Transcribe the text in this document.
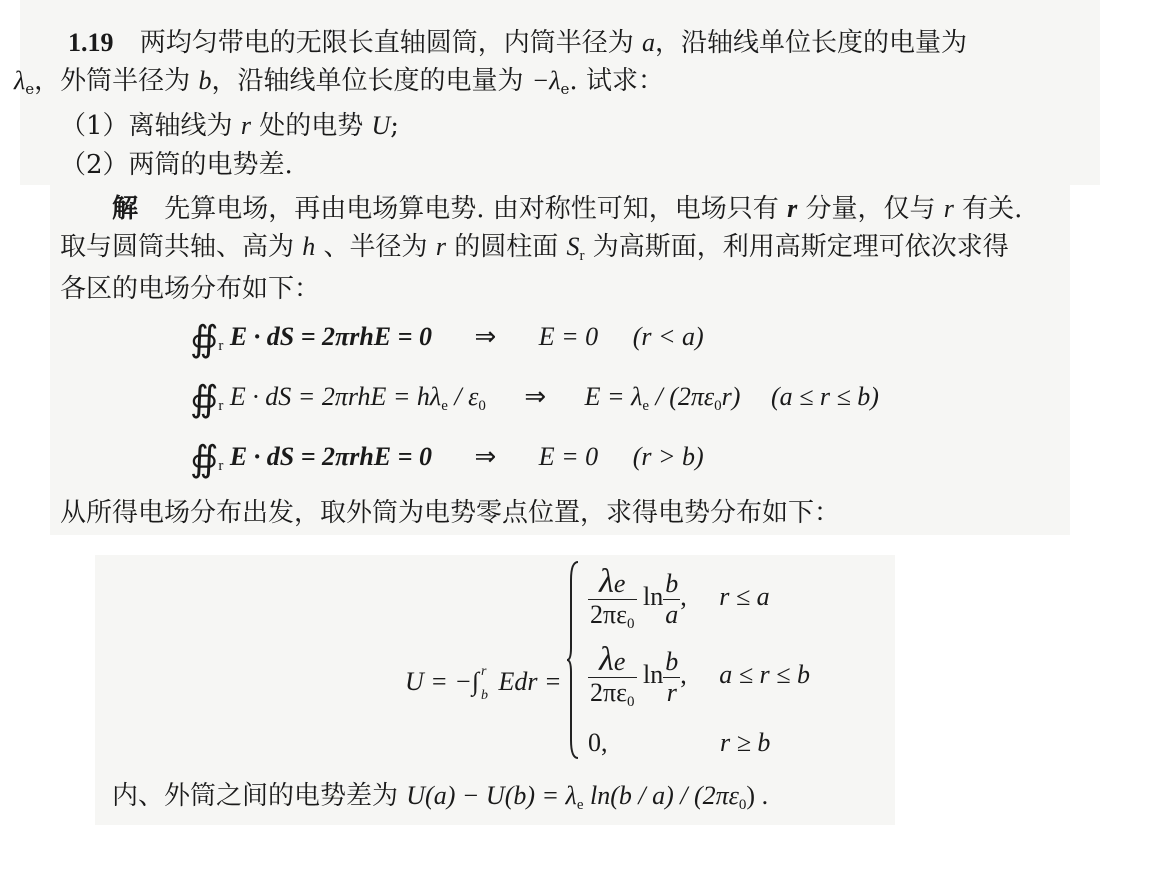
1.19 两均匀带电的无限长直轴圆筒，内筒半径为 a，沿轴线单位长度的电量为
$\lambda_e$，外筒半径为 b，沿轴线单位长度的电量为 $-\lambda_e$. 试求：
（1）离轴线为 r 处的电势 U;
（2）两筒的电势差.
解 先算电场，再由电场算电势. 由对称性可知，电场只有 r 分量，仅与 r 有关.
取与圆筒共轴、高为 h 、半径为 r 的圆柱面 $S_r$ 为高斯面，利用高斯定理可依次求得
各区的电场分布如下：
$∯_r$ E · dS = 2πrhE = 0 ⇒ E = 0 (r < a)
$∯_r$ E · dS = $2\pi rhE = h\lambda_e / \varepsilon_0$ ⇒ $E = \lambda_e / (2\pi\varepsilon_0r) (a \le r \le b)$
$∯_r$ E · dS = 2πrhE = 0 ⇒ E = 0 (r > b)
从所得电场分布出发，取外筒为电势零点位置，求得电势分布如下：
U = −∫ r
b Edr =
$\frac{\lambda e}{2\pi\varepsilon_0}$ $\ln \frac{b}{a}$ , r ≤ a
$\frac{\lambda e}{2\pi\varepsilon_0}$ $\ln \frac{b}{r}$ , a ≤ r ≤ b
0,	r ≥ b
内、外筒之间的电势差为 $U(a) - U(b) = \lambda_e$ $\ln(b / a) / (2\pi\varepsilon_0)$ .
